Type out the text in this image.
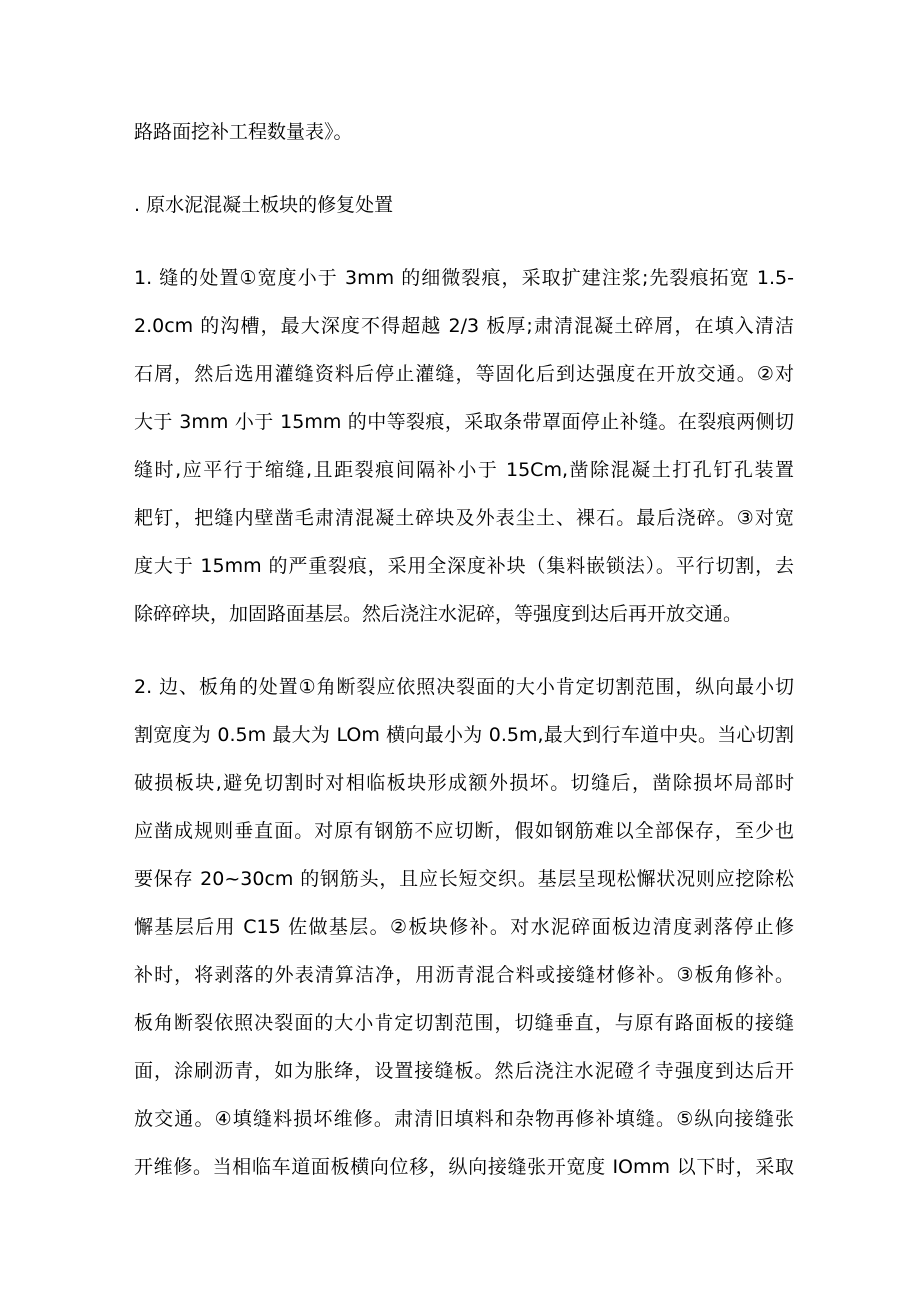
路路面挖补工程数量表》。
. 原水泥混凝土板块的修复处置
1. 缝的处置①宽度小于 3mm 的细微裂痕，采取扩建注浆;先裂痕拓宽 1.5-
2.0cm 的沟槽，最大深度不得超越 2/3 板厚;肃清混凝土碎屑，在填入清洁
石屑，然后选用灌缝资料后停止灌缝，等固化后到达强度在开放交通。②对
大于 3mm 小于 15mm 的中等裂痕，采取条带罩面停止补缝。在裂痕两侧切
缝时,应平行于缩缝,且距裂痕间隔补小于 15Cm,凿除混凝土打孔钉孔装置
耙钉，把缝内壁凿毛肃清混凝土碎块及外表尘土、裸石。最后浇碎。③对宽
度大于 15mm 的严重裂痕，采用全深度补块（集料嵌锁法）。平行切割，去
除碎碎块，加固路面基层。然后浇注水泥碎，等强度到达后再开放交通。
2. 边、板角的处置①角断裂应依照决裂面的大小肯定切割范围，纵向最小切
割宽度为 0.5m 最大为 LOm 横向最小为 0.5m,最大到行车道中央。当心切割
破损板块,避免切割时对相临板块形成额外损坏。切缝后，凿除损坏局部时
应凿成规则垂直面。对原有钢筋不应切断，假如钢筋难以全部保存，至少也
要保存 20~30cm 的钢筋头，且应长短交织。基层呈现松懈状况则应挖除松
懈基层后用 C15 佐做基层。②板块修补。对水泥碎面板边清度剥落停止修
补时，将剥落的外表清算洁净，用沥青混合料或接缝材修补。③板角修补。
板角断裂依照决裂面的大小肯定切割范围，切缝垂直，与原有路面板的接缝
面，涂刷沥青，如为胀绛，设置接缝板。然后浇注水泥磴彳寺强度到达后开
放交通。④填缝料损坏维修。肃清旧填料和杂物再修补填缝。⑤纵向接缝张
开维修。当相临车道面板横向位移，纵向接缝张开宽度 IOmm 以下时，采取
